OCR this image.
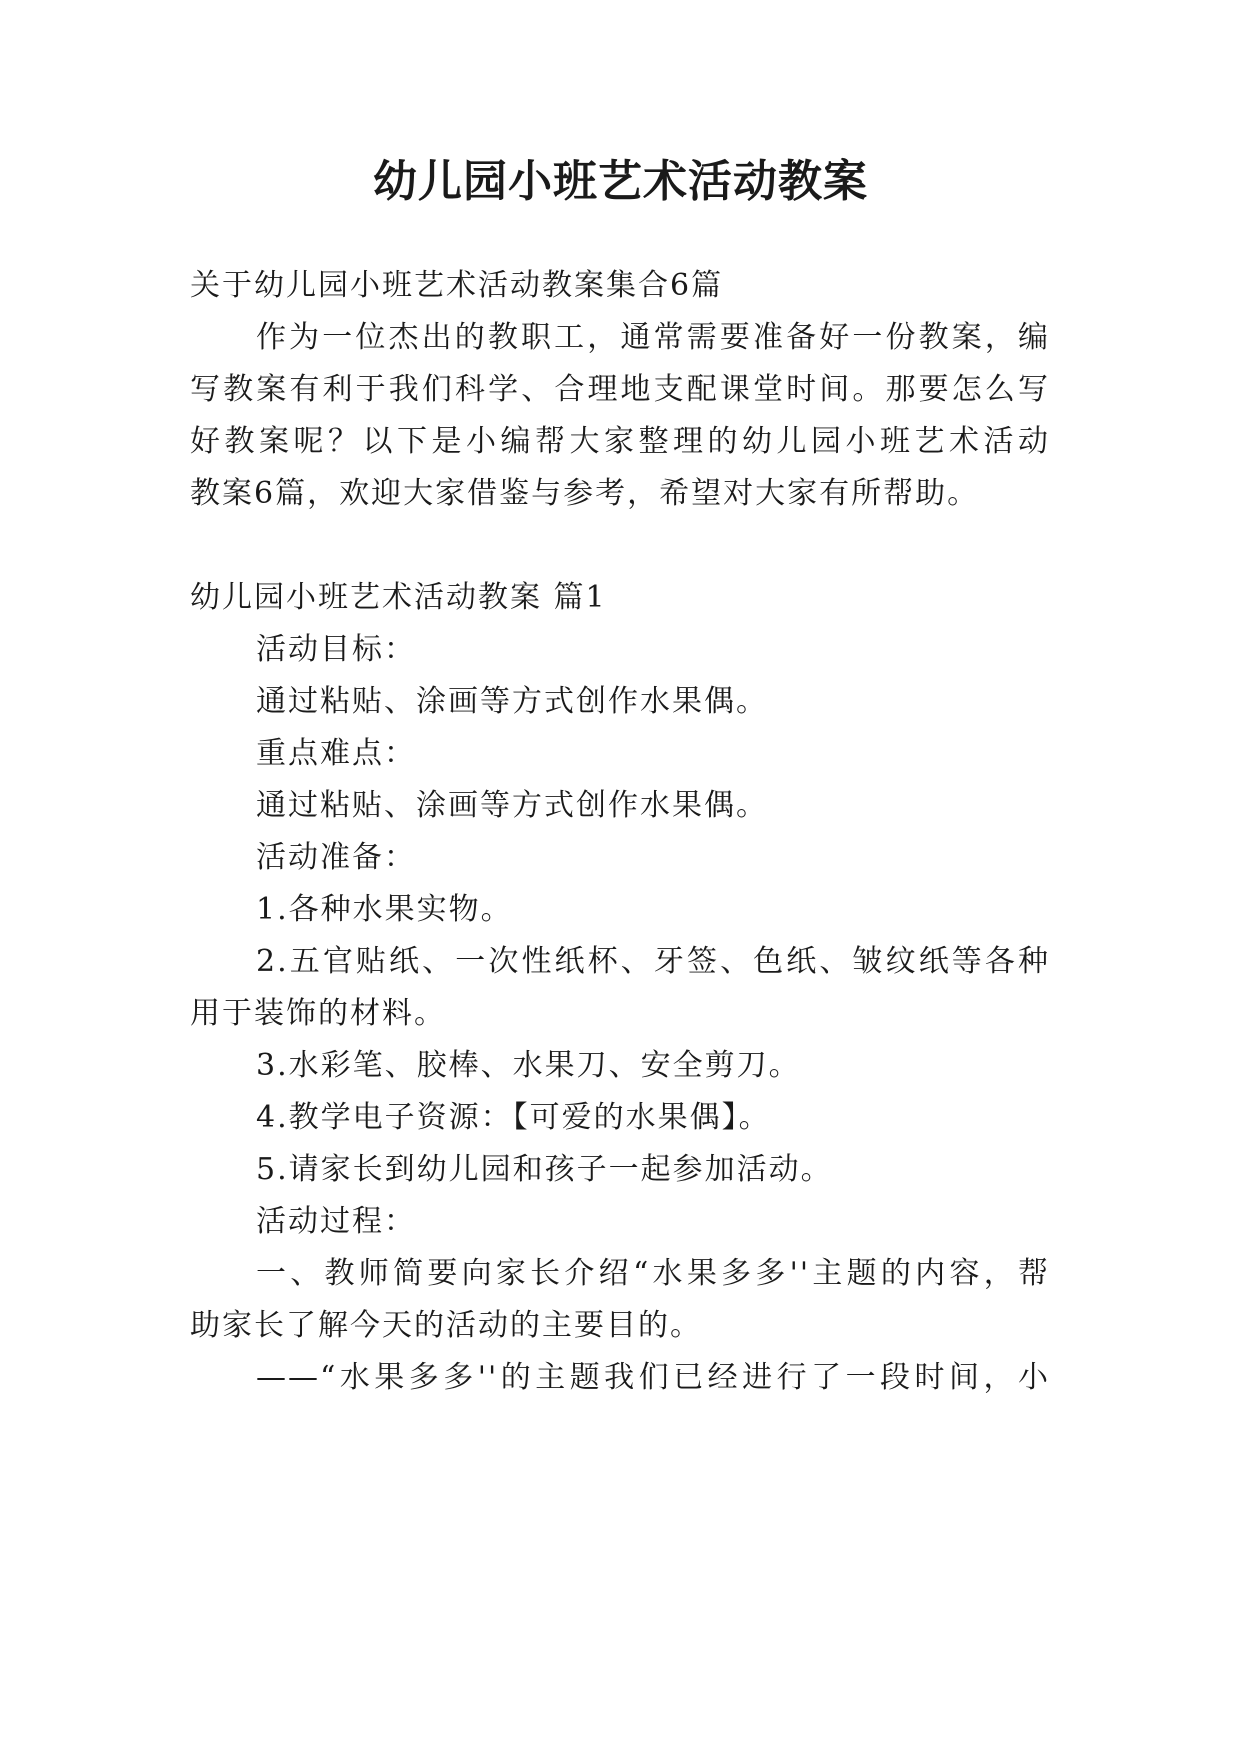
幼儿园小班艺术活动教案

关于幼儿园小班艺术活动教案集合6篇

作为一位杰出的教职工，通常需要准备好一份教案，编

写教案有利于我们科学、合理地支配课堂时间。那要怎么写

好教案呢？以下是小编帮大家整理的幼儿园小班艺术活动

教案6篇，欢迎大家借鉴与参考，希望对大家有所帮助。

幼儿园小班艺术活动教案 篇1

活动目标：

通过粘贴、涂画等方式创作水果偶。

重点难点：

通过粘贴、涂画等方式创作水果偶。

活动准备：

1.各种水果实物。

2.五官贴纸、一次性纸杯、牙签、色纸、皱纹纸等各种

用于装饰的材料。

3.水彩笔、胶棒、水果刀、安全剪刀。

4.教学电子资源：【可爱的水果偶】。

5.请家长到幼儿园和孩子一起参加活动。

活动过程：

一、教师简要向家长介绍“水果多多''主题的内容，帮

助家长了解今天的活动的主要目的。

——“水果多多''的主题我们已经进行了一段时间，小
